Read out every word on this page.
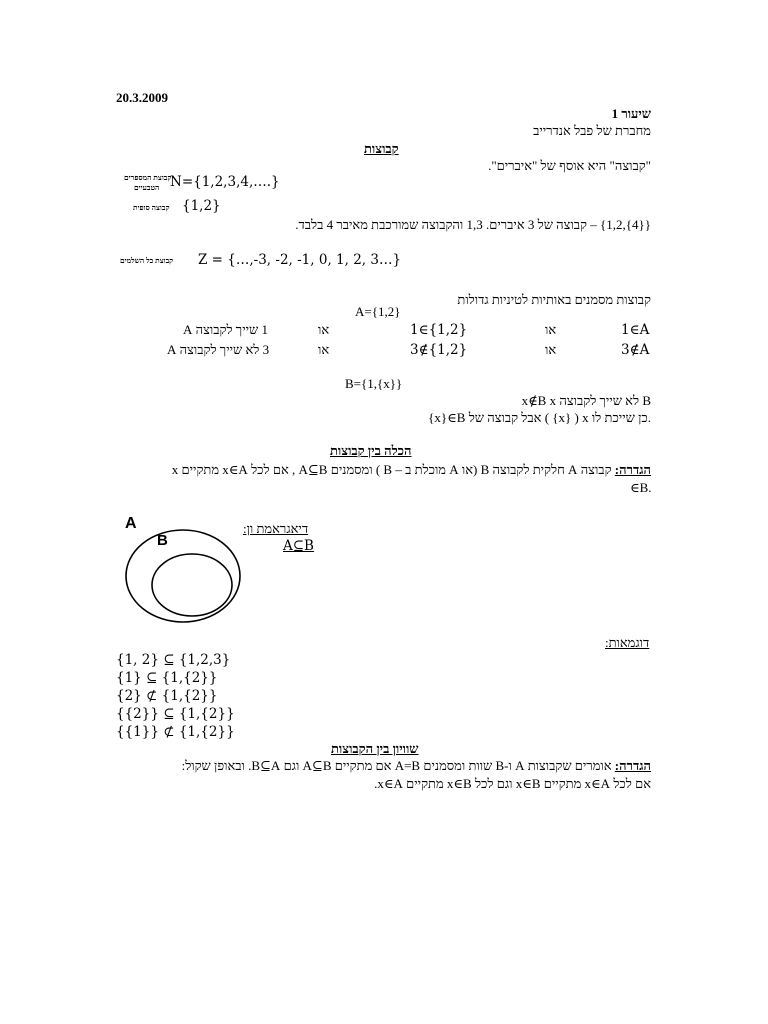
20.3.2009
שיעור 1
מחברת של פבל אנדרייב
קבוצות
"קבוצה" היא אוסף של "איברים".
קבוצת המספרים
הטבעיים N={1,2,3,4,….}
קבוצה סופית {1,2}
{{4},1,2} – קבוצה של 3 איברים. 1,3 והקבוצה שמורכבת מאיבר 4 בלבד.
קבוצת כל השלמים Z = {…,-3, -2, -1, 0, 1, 2, 3…}
קבוצות מסמנים באותיות לטיניות גדולות
A={1,2}
1∈A
או
1∈{1,2}
או
1 שייך לקבוצה A
3∉A
או
3∉{1,2}
או
3 לא שייך לקבוצה A
B={1,{x}}
x∉B x לא שייך לקבוצה B
{x}∈B אבל קבוצה של ( {x} ) x כן שייכת לו.
הכלה בין קבוצות
הגדרה: קבוצה A חלקית לקבוצה B (או A מוכלת ב – B ) ומסמנים A⊆B , אם לכל x∈A מתקיים x
∈B.
A
B
דיאגראמת ון:
A⊆B
דוגמאות:
{1, 2} ⊆ {1,2,3}
{1} ⊆ {1,{2}}
{2} ⊄ {1,{2}}
{{2}} ⊆ {1,{2}}
{{1}} ⊄ {1,{2}}
שוויון בין הקבוצות
הגדרה: אומרים שקבוצות A ו-B שוות ומסמנים A=B אם מתקיים A⊆B וגם B⊆A. ובאופן שקול:
אם לכל x∈A מתקיים x∈B וגם לכל x∈B מתקיים x∈A.
